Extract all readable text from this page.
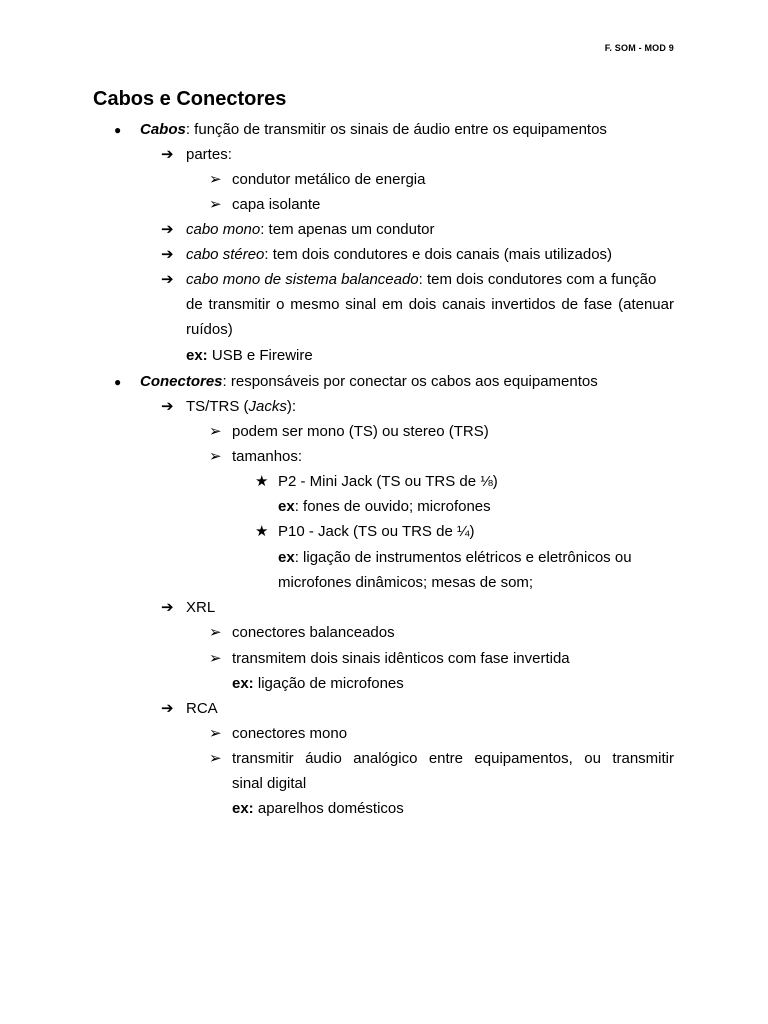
F. SOM - MOD 9
Cabos e Conectores
● Cabos: função de transmitir os sinais de áudio entre os equipamentos
➔ partes:
➢ condutor metálico de energia
➢ capa isolante
➔ cabo mono: tem apenas um condutor
➔ cabo stéreo: tem dois condutores e dois canais (mais utilizados)
➔ cabo mono de sistema balanceado: tem dois condutores com a função
de transmitir o mesmo sinal em dois canais invertidos de fase (atenuar
ruídos)
ex: USB e Firewire
● Conectores: responsáveis por conectar os cabos aos equipamentos
➔ TS/TRS (Jacks):
➢ podem ser mono (TS) ou stereo (TRS)
➢ tamanhos:
★ P2 - Mini Jack (TS ou TRS de ⅛)
ex: fones de ouvido; microfones
★ P10 - Jack (TS ou TRS de ¼)
ex: ligação de instrumentos elétricos e eletrônicos ou
microfones dinâmicos; mesas de som;
➔ XRL
➢ conectores balanceados
➢ transmitem dois sinais idênticos com fase invertida
ex: ligação de microfones
➔ RCA
➢ conectores mono
➢ transmitir áudio analógico entre equipamentos, ou transmitir
sinal digital
ex: aparelhos domésticos
